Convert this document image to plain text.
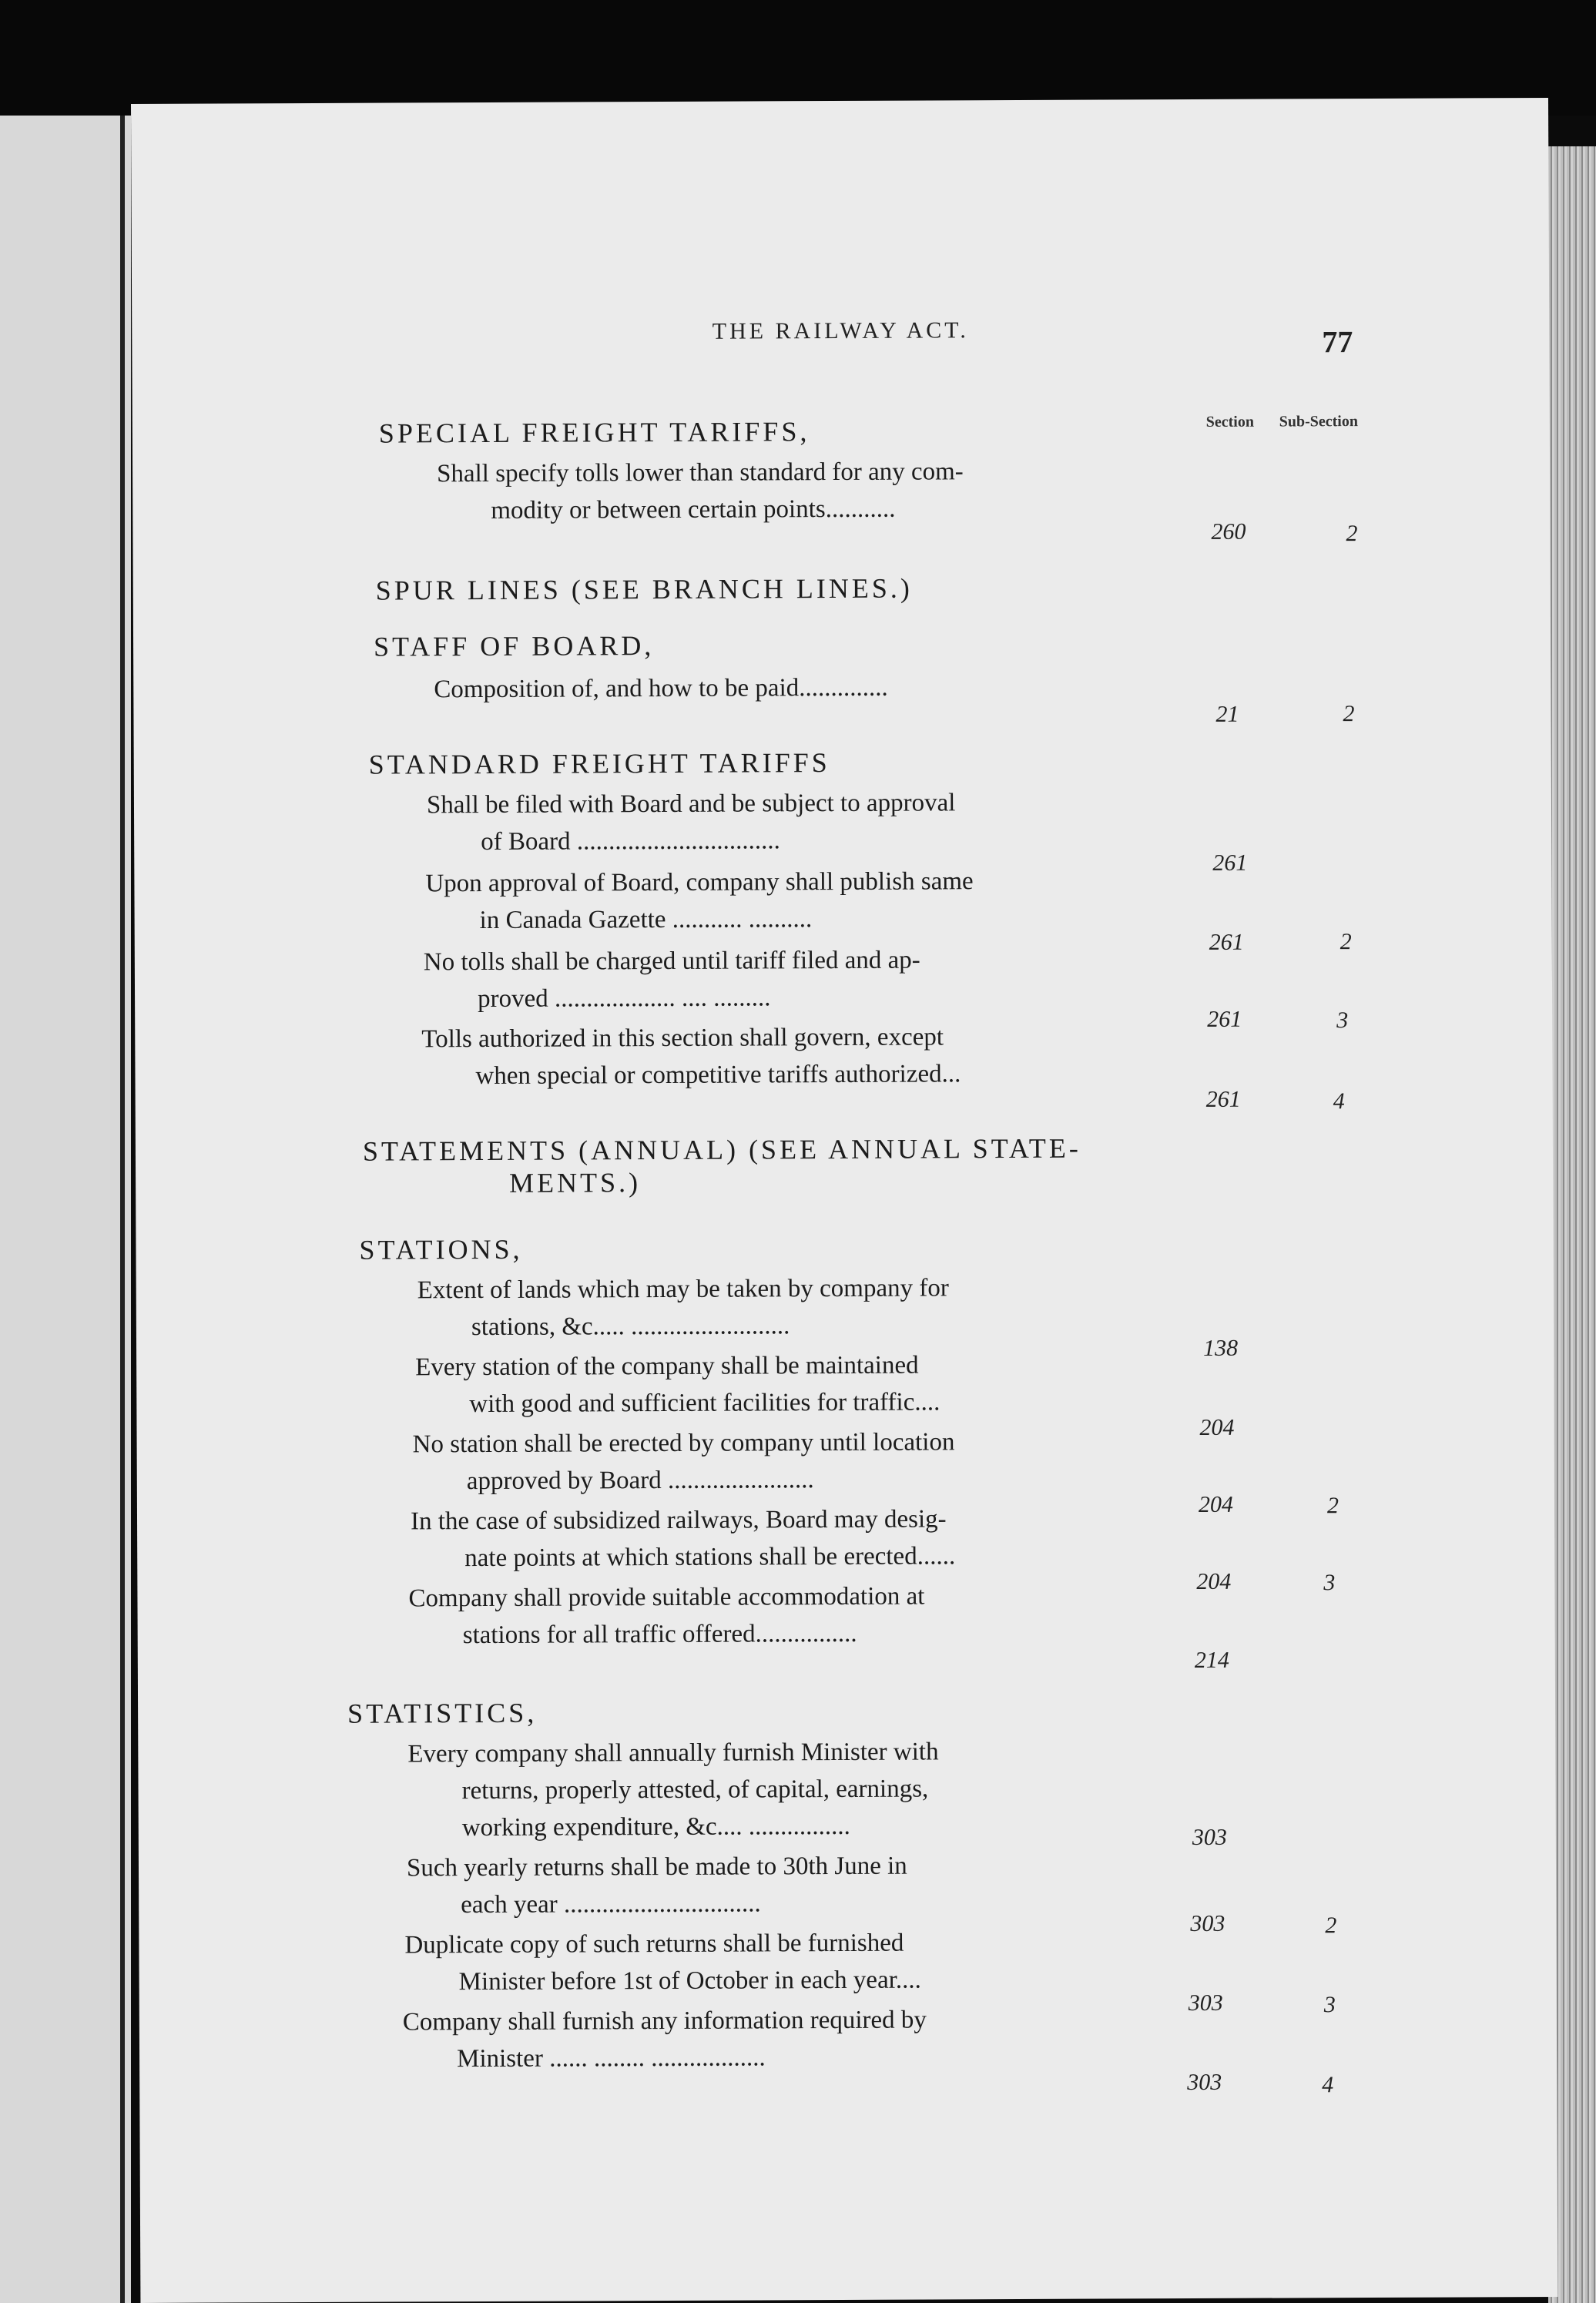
THE RAILWAY ACT.	77
Section	Sub-Section
SPECIAL FREIGHT TARIFFS,
Shall specify tolls lower than standard for any com-
modity or between certain points...........
260	2
SPUR LINES (SEE BRANCH LINES.)
STAFF OF BOARD,
Composition of, and how to be paid..............
21	2
STANDARD FREIGHT TARIFFS
Shall be filed with Board and be subject to approval
of Board ................................
261
Upon approval of Board, company shall publish same
in Canada Gazette ........... ..........
261	2
No tolls shall be charged until tariff filed and ap-
proved ................... .... .........
261	3
Tolls authorized in this section shall govern, except
when special or competitive tariffs authorized...
261	4
STATEMENTS (ANNUAL) (SEE ANNUAL STATE-
MENTS.)
STATIONS,
Extent of lands which may be taken by company for
stations, &c..... .........................
138
Every station of the company shall be maintained
with good and sufficient facilities for traffic....
204
No station shall be erected by company until location
approved by Board .......................
204	2
In the case of subsidized railways, Board may desig-
nate points at which stations shall be erected......
204	3
Company shall provide suitable accommodation at
stations for all traffic offered................
214
STATISTICS,
Every company shall annually furnish Minister with
returns, properly attested, of capital, earnings,
working expenditure, &c.... ................	303
Such yearly returns shall be made to 30th June in
each year ...............................
303	2
Duplicate copy of such returns shall be furnished
Minister before 1st of October in each year....
303	3
Company shall furnish any information required by
Minister ...... ........ ..................
303	4
